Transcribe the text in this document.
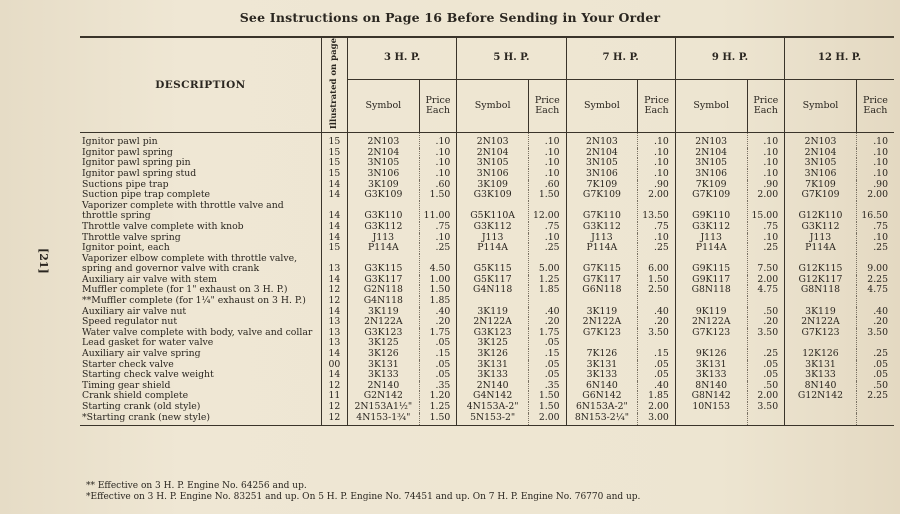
See Instructions on Page 16 Before Sending in Your Order
[21]
DESCRIPTION	Illustrated on page	3 H. P.		5 H. P.		7 H. P.		9 H. P.		12 H. P.	
		Symbol	Price Each	Symbol	Price Each	Symbol	Price Each	Symbol	Price Each	Symbol	Price Each
Ignitor pawl pin	15	2N103	.10	2N103	.10	2N103	.10	2N103	.10	2N103	.10
Ignitor pawl spring	15	2N104	.10	2N104	.10	2N104	.10	2N104	.10	2N104	.10
Ignitor pawl spring pin	15	3N105	.10	3N105	.10	3N105	.10	3N105	.10	3N105	.10
Ignitor pawl spring stud	15	3N106	.10	3N106	.10	3N106	.10	3N106	.10	3N106	.10
Suctions pipe trap	14	3K109	.60	3K109	.60	7K109	.90	7K109	.90	7K109	.90
Suction pipe trap complete	14	G3K109	1.50	G3K109	1.50	G7K109	2.00	G7K109	2.00	G7K109	2.00
Vaporizer complete with throttle valve and throttle spring	14	G3K110	11.00	G5K110A	12.00	G7K110	13.50	G9K110	15.00	G12K110	16.50
Throttle valve complete with knob	14	G3K112	.75	G3K112	.75	G3K112	.75	G3K112	.75	G3K112	.75
Throttle valve spring	14	J113	.10	J113	.10	J113	.10	J113	.10	J113	.10
Ignitor point, each	15	P114A	.25	P114A	.25	P114A	.25	P114A	.25	P114A	.25
Vaporizer elbow complete with throttle valve, spring and governor valve with crank	13	G3K115	4.50	G5K115	5.00	G7K115	6.00	G9K115	7.50	G12K115	9.00
Auxiliary air valve with stem	14	G3K117	1.00	G5K117	1.25	G7K117	1.50	G9K117	2.00	G12K117	2.25
Muffler complete (for 1" exhaust on 3 H. P.)	12	G2N118	1.50	G4N118	1.85	G6N118	2.50	G8N118	4.75	G8N118	4.75
**Muffler complete (for 1¼" exhaust on 3 H. P.)	12	G4N118	1.85								
Auxiliary air valve nut	14	3K119	.40	3K119	.40	3K119	.40	9K119	.50	3K119	.40
Speed regulator nut	13	2N122A	.20	2N122A	.20	2N122A	.20	2N122A	.20	2N122A	.20
Water valve complete with body, valve and collar	13	G3K123	1.75	G3K123	1.75	G7K123	3.50	G7K123	3.50	G7K123	3.50
Lead gasket for water valve	13	3K125	.05	3K125	.05						
Auxiliary air valve spring	14	3K126	.15	3K126	.15	7K126	.15	9K126	.25	12K126	.25
Starter check valve	00	3K131	.05	3K131	.05	3K131	.05	3K131	.05	3K131	.05
Starting check valve weight	14	3K133	.05	3K133	.05	3K133	.05	3K133	.05	3K133	.05
Timing gear shield	12	2N140	.35	2N140	.35	6N140	.40	8N140	.50	8N140	.50
Crank shield complete	11	G2N142	1.20	G4N142	1.50	G6N142	1.85	G8N142	2.00	G12N142	2.25
Starting crank (old style)	12	2N153A1½"	1.25	4N153A-2"	1.50	6N153A-2"	2.00	10N153	3.50		
*Starting crank (new style)	12	4N153-1¾"	1.50	5N153-2"	2.00	8N153-2¼"	3.00				
** Effective on 3 H. P. Engine No. 64256 and up.
*Effective on 3 H. P. Engine No. 83251 and up. On 5 H. P. Engine No. 74451 and up. On 7 H. P. Engine No. 76770 and up.
